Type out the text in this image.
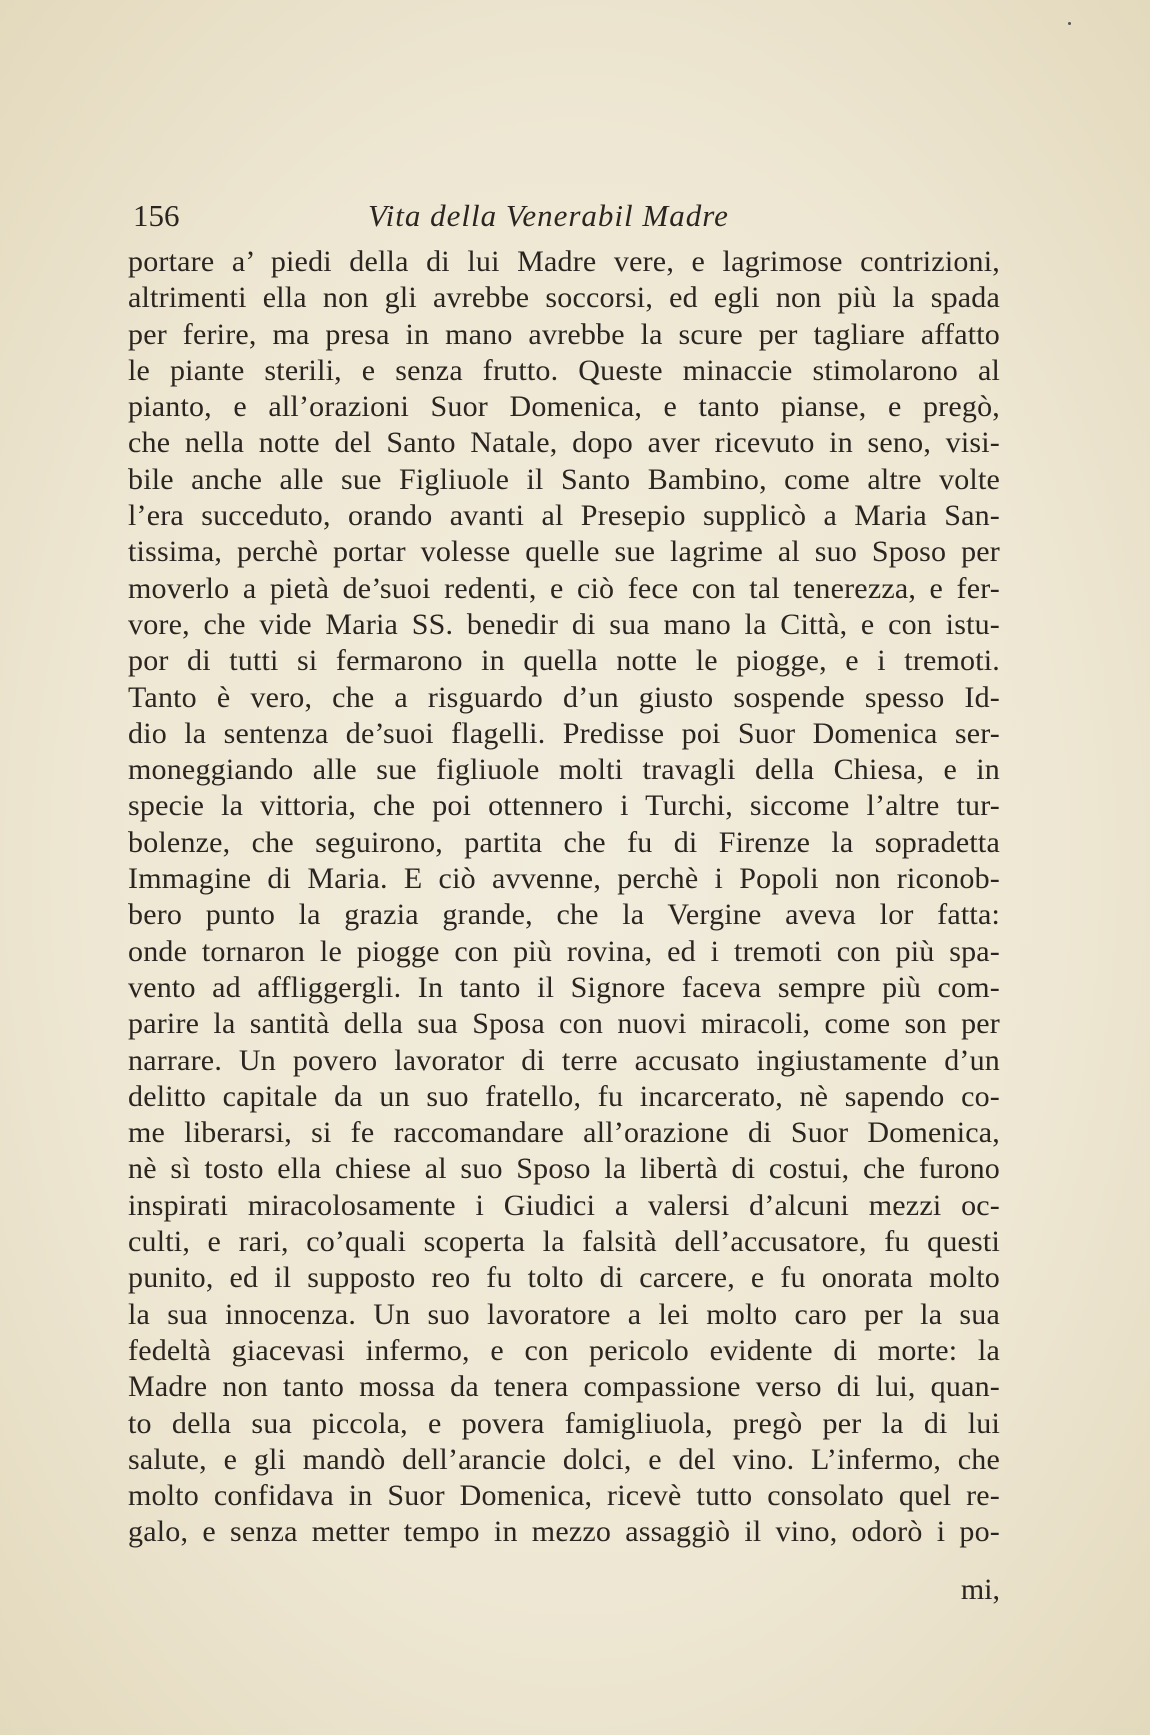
156	Vita della Venerabil Madre
portare a’ piedi della di lui Madre vere, e lagrimose contrizioni,
altrimenti ella non gli avrebbe soccorsi, ed egli non più la spada
per ferire, ma presa in mano avrebbe la scure per tagliare affatto
le piante sterili, e senza frutto. Queste minaccie stimolarono al
pianto, e all’orazioni Suor Domenica, e tanto pianse, e pregò,
che nella notte del Santo Natale, dopo aver ricevuto in seno, visi-
bile anche alle sue Figliuole il Santo Bambino, come altre volte
l’era succeduto, orando avanti al Presepio supplicò a Maria San-
tissima, perchè portar volesse quelle sue lagrime al suo Sposo per
moverlo a pietà de’suoi redenti, e ciò fece con tal tenerezza, e fer-
vore, che vide Maria SS. benedir di sua mano la Città, e con istu-
por di tutti si fermarono in quella notte le piogge, e i tremoti.
Tanto è vero, che a risguardo d’un giusto sospende spesso Id-
dio la sentenza de’suoi flagelli. Predisse poi Suor Domenica ser-
moneggiando alle sue figliuole molti travagli della Chiesa, e in
specie la vittoria, che poi ottennero i Turchi, siccome l’altre tur-
bolenze, che seguirono, partita che fu di Firenze la sopradetta
Immagine di Maria. E ciò avvenne, perchè i Popoli non riconob-
bero punto la grazia grande, che la Vergine aveva lor fatta:
onde tornaron le piogge con più rovina, ed i tremoti con più spa-
vento ad affliggergli. In tanto il Signore faceva sempre più com-
parire la santità della sua Sposa con nuovi miracoli, come son per
narrare. Un povero lavorator di terre accusato ingiustamente d’un
delitto capitale da un suo fratello, fu incarcerato, nè sapendo co-
me liberarsi, si fe raccomandare all’orazione di Suor Domenica,
nè sì tosto ella chiese al suo Sposo la libertà di costui, che furono
inspirati miracolosamente i Giudici a valersi d’alcuni mezzi oc-
culti, e rari, co’quali scoperta la falsità dell’accusatore, fu questi
punito, ed il supposto reo fu tolto di carcere, e fu onorata molto
la sua innocenza. Un suo lavoratore a lei molto caro per la sua
fedeltà giacevasi infermo, e con pericolo evidente di morte: la
Madre non tanto mossa da tenera compassione verso di lui, quan-
to della sua piccola, e povera famigliuola, pregò per la di lui
salute, e gli mandò dell’arancie dolci, e del vino. L’infermo, che
molto confidava in Suor Domenica, ricevè tutto consolato quel re-
galo, e senza metter tempo in mezzo assaggiò il vino, odorò i po-
mi,
